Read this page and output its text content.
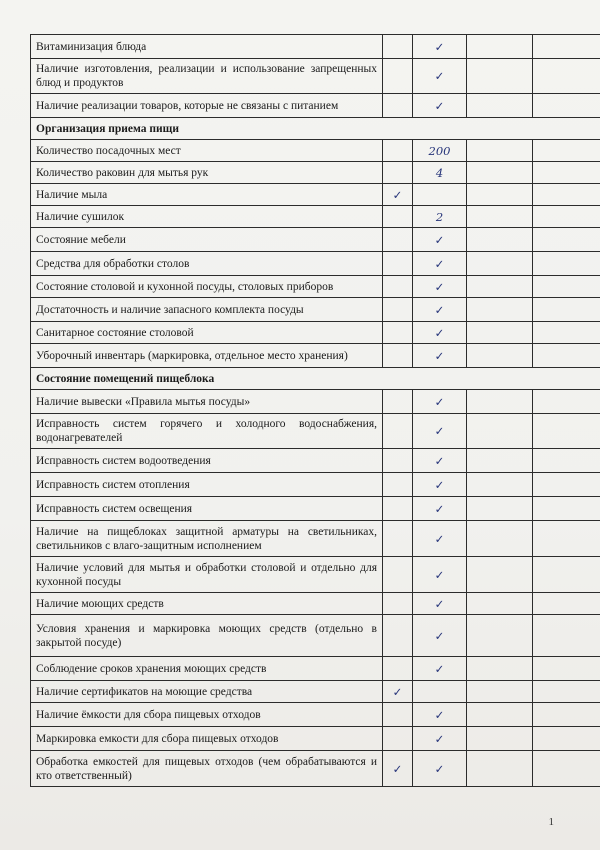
Витаминизация блюда		✓		
Наличие изготовления, реализации и использование запрещенных блюд и продуктов		✓		
Наличие реализации товаров, которые не связаны с питанием		✓		
Организация приема пищи				
Количество посадочных мест		200		
Количество раковин для мытья рук		4		
Наличие мыла	✓			
Наличие сушилок		2		
Состояние мебели		✓		
Средства для обработки столов		✓		
Состояние столовой и кухонной посуды, столовых приборов		✓		
Достаточность и наличие запасного комплекта посуды		✓		
Санитарное состояние столовой		✓		
Уборочный инвентарь (маркировка, отдельное место хранения)		✓		
Состояние помещений пищеблока				
Наличие вывески «Правила мытья посуды»		✓		
Исправность систем горячего и холодного водоснабжения, водонагревателей		✓		
Исправность систем водоотведения		✓		
Исправность систем отопления		✓		
Исправность систем освещения		✓		
Наличие на пищеблоках защитной арматуры на светильниках, светильников с влаго-защитным исполнением		✓		
Наличие условий для мытья и обработки столовой и отдельно для кухонной посуды		✓		
Наличие моющих средств		✓		
Условия хранения и маркировка моющих средств (отдельно в закрытой посуде)		✓		
Соблюдение сроков хранения моющих средств		✓		
Наличие сертификатов на моющие средства	✓			
Наличие ёмкости для сбора пищевых отходов		✓		
Маркировка емкости для сбора пищевых отходов		✓		
Обработка емкостей для пищевых отходов (чем обрабатываются и кто ответственный)	✓	✓		
1
